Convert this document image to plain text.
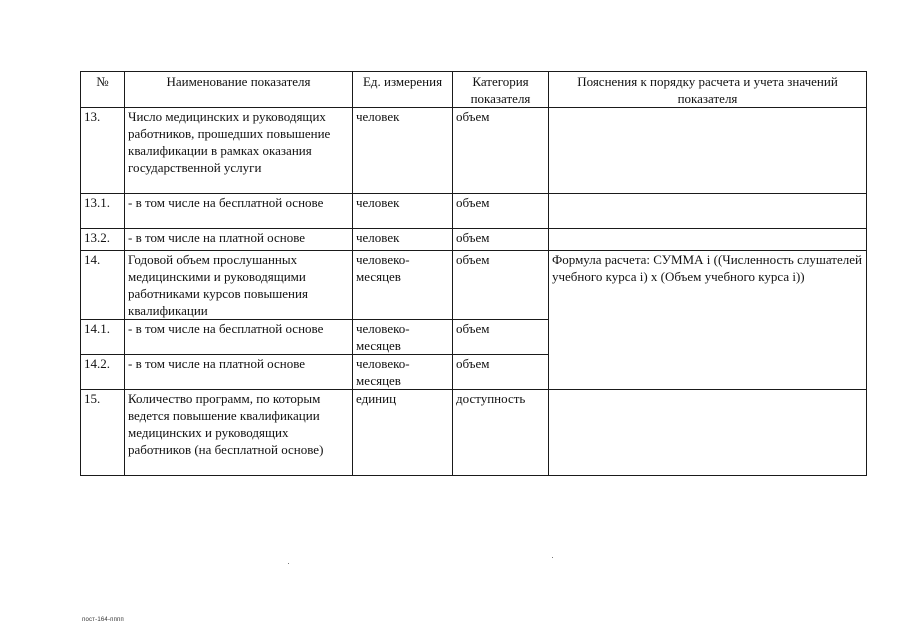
№	Наименование показателя	Ед. измерения	Категория показателя	Пояснения к порядку расчета и учета значений показателя
13.	Число медицинских и руководящих работников, прошедших повышение квалификации в рамках оказания государственной услуги	человек	объем	
13.1.	- в том числе на бесплатной основе	человек	объем	
13.2.	- в том числе на платной основе	человек	объем	
14.	Годовой объем прослушанных медицинскими и руководящими работниками курсов повышения квалификации	человеко-месяцев	объем	Формула расчета: СУММА i ((Численность слушателей учебного курса i) x (Объем учебного курса i))
14.1.	- в том числе на бесплатной основе	человеко-месяцев	объем	
14.2.	- в том числе на платной основе	человеко-месяцев	объем	
15.	Количество программ, по которым ведется повышение квалификации медицинских и руководящих работников (на бесплатной основе)	единиц	доступность	
пост-164-пппп
